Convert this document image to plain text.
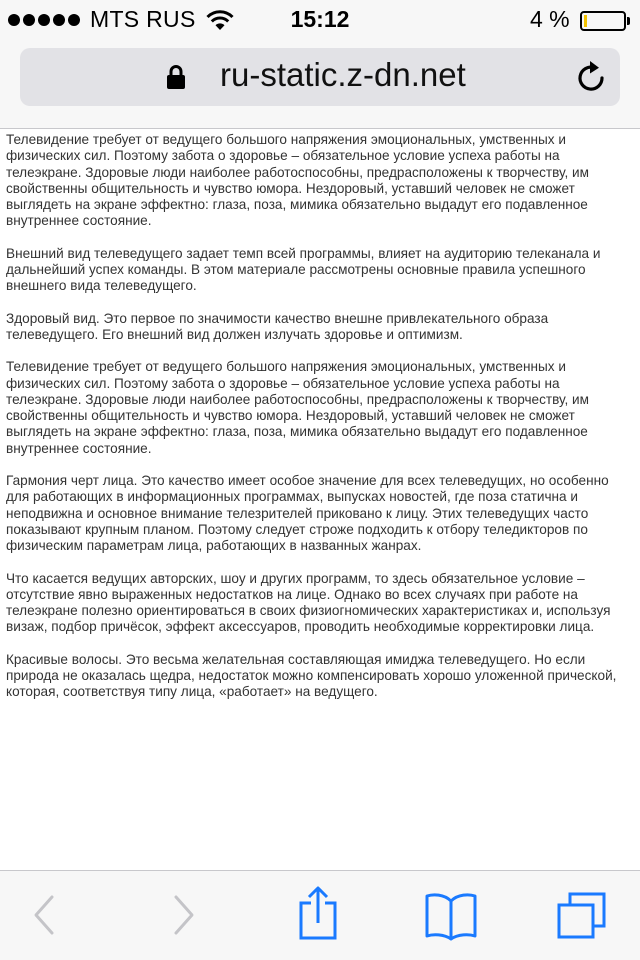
MTS RUS	15:12	4 %
ru-static.z-dn.net

Телевидение требует от ведущего большого напряжения эмоциональных, умственных и физических сил. Поэтому забота о здоровье – обязательное условие успеха работы на телеэкране. Здоровые люди наиболее работоспособны, предрасположены к творчеству, им свойственны общительность и чувство юмора. Нездоровый, уставший человек не сможет выглядеть на экране эффектно: глаза, поза, мимика обязательно выдадут его подавленное внутреннее состояние.

Внешний вид телеведущего задает темп всей программы, влияет на аудиторию телеканала и дальнейший успех команды. В этом материале рассмотрены основные правила успешного внешнего вида телеведущего.

Здоровый вид. Это первое по значимости качество внешне привлекательного образа телеведущего. Его внешний вид должен излучать здоровье и оптимизм.

Телевидение требует от ведущего большого напряжения эмоциональных, умственных и физических сил. Поэтому забота о здоровье – обязательное условие успеха работы на телеэкране. Здоровые люди наиболее работоспособны, предрасположены к творчеству, им свойственны общительность и чувство юмора. Нездоровый, уставший человек не сможет выглядеть на экране эффектно: глаза, поза, мимика обязательно выдадут его подавленное внутреннее состояние.

Гармония черт лица. Это качество имеет особое значение для всех телеведущих, но особенно для работающих в информационных программах, выпусках новостей, где поза статична и неподвижна и основное внимание телезрителей приковано к лицу. Этих телеведущих часто показывают крупным планом. Поэтому следует строже подходить к отбору теледикторов по физическим параметрам лица, работающих в названных жанрах.

Что касается ведущих авторских, шоу и других программ, то здесь обязательное условие – отсутствие явно выраженных недостатков на лице. Однако во всех случаях при работе на телеэкране полезно ориентироваться в своих физиогномических характеристиках и, используя визаж, подбор причёсок, эффект аксессуаров, проводить необходимые корректировки лица.

Красивые волосы. Это весьма желательная составляющая имиджа телеведущего. Но если природа не оказалась щедра, недостаток можно компенсировать хорошо уложенной прической, которая, соответствуя типу лица, «работает» на ведущего.
